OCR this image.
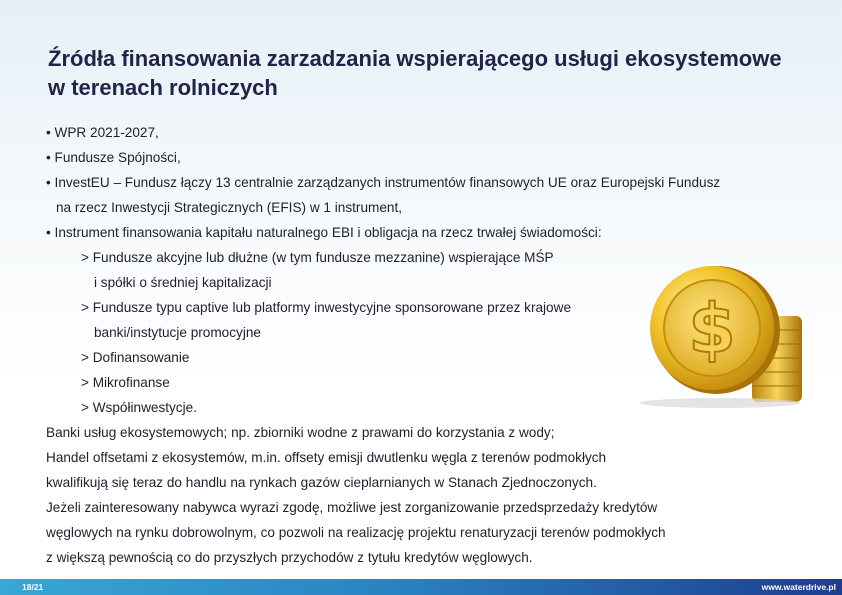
Źródła finansowania zarzadzania wspierającego usługi ekosystemowe w terenach rolniczych
• WPR 2021-2027,
• Fundusze Spójności,
• InvestEU – Fundusz łączy 13 centralnie zarządzanych instrumentów finansowych UE oraz Europejski Fundusz
na rzecz Inwestycji Strategicznych (EFIS) w 1 instrument,
• Instrument finansowania kapitału naturalnego EBI i obligacja na rzecz trwałej świadomości:
> Fundusze akcyjne lub dłużne (w tym fundusze mezzanine) wspierające MŚP
i spółki o średniej kapitalizacji
> Fundusze typu captive lub platformy inwestycyjne sponsorowane przez krajowe
banki/instytucje promocyjne
> Dofinansowanie
> Mikrofinanse
> Współinwestycje.
Banki usług ekosystemowych; np. zbiorniki wodne z prawami do korzystania z wody;
Handel offsetami z ekosystemów, m.in. offsety emisji dwutlenku węgla z terenów podmokłych
kwalifikują się teraz do handlu na rynkach gazów cieplarnianych w Stanach Zjednoczonych.
Jeżeli zainteresowany nabywca wyrazi zgodę, możliwe jest zorganizowanie przedsprzedaży kredytów
węglowych na rynku dobrowolnym, co pozwoli na realizację projektu renaturyzacji terenów podmokłych
z większą pewnością co do przyszłych przychodów z tytułu kredytów węglowych.
$
18/21	www.waterdrive.pl
